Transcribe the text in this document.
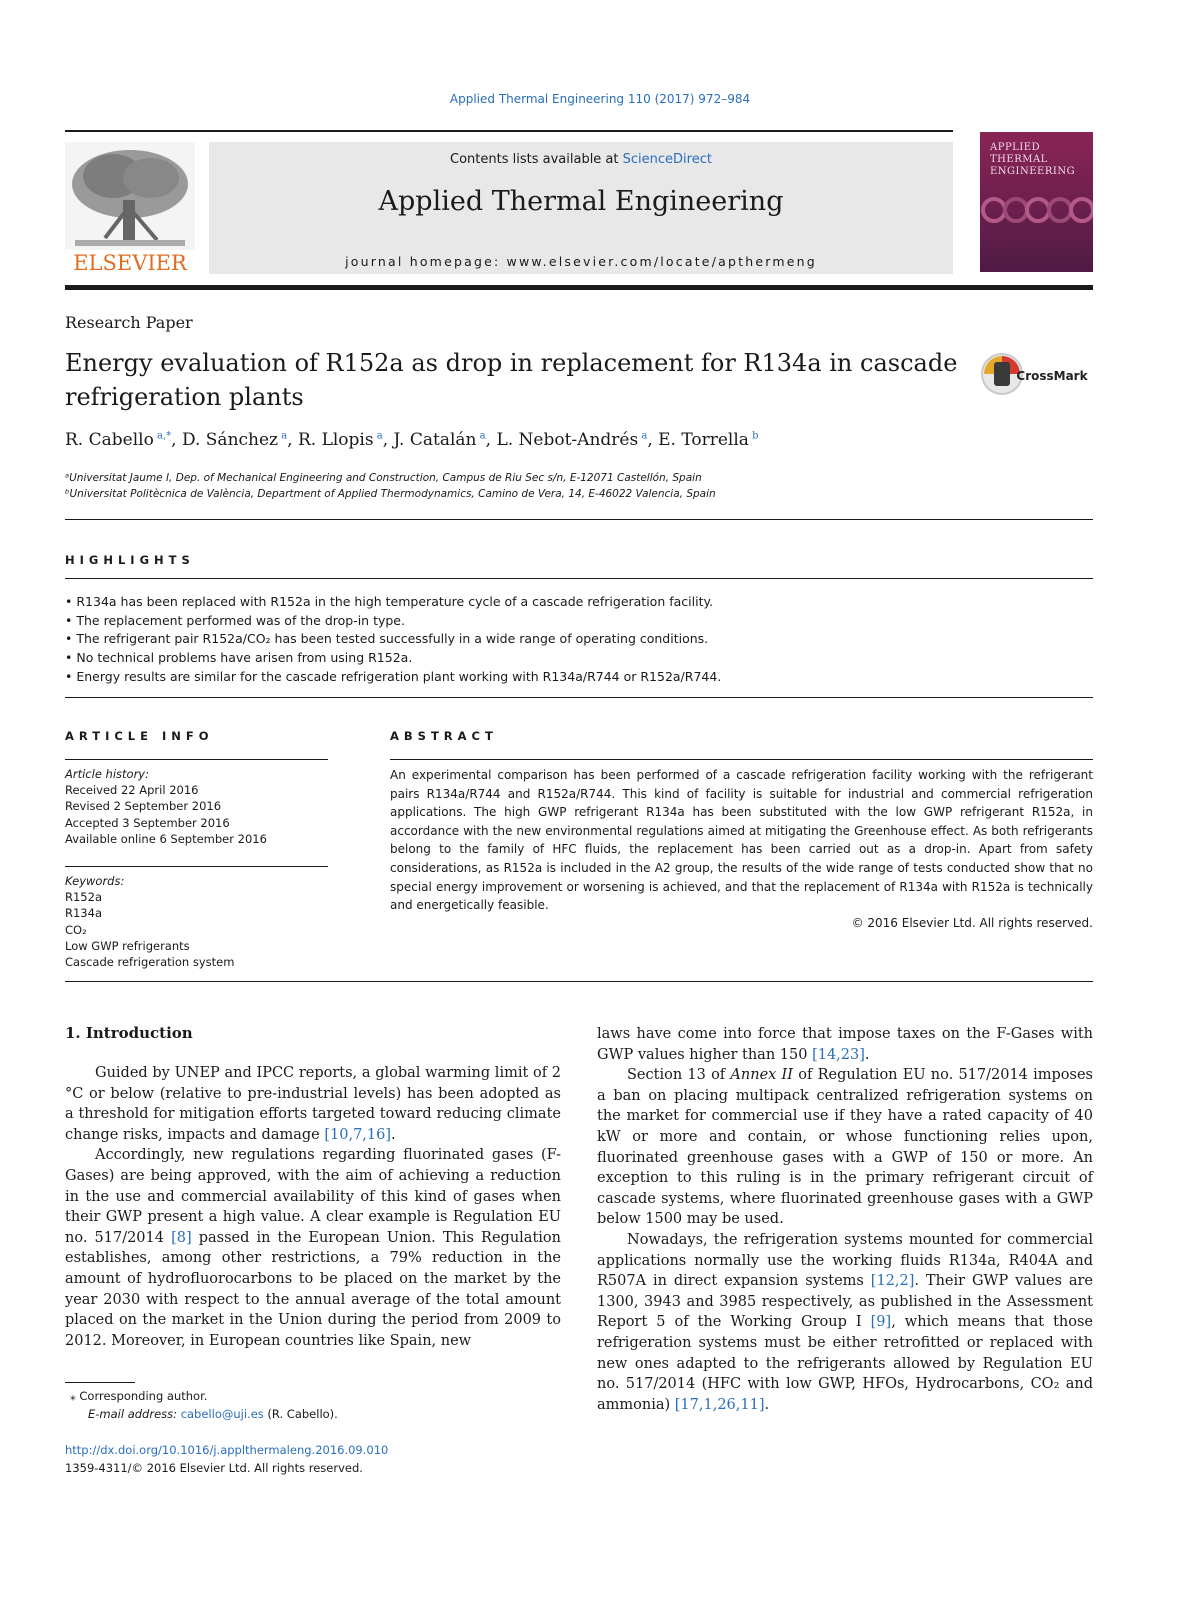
Applied Thermal Engineering 110 (2017) 972–984
ELSEVIER
Contents lists available at ScienceDirect
Applied Thermal Engineering
journal homepage: www.elsevier.com/locate/apthermeng
APPLIED THERMAL ENGINEERING
Research Paper
Energy evaluation of R152a as drop in replacement for R134a in cascade refrigeration plants
CrossMark
R. Cabello $^{a,*}$, D. Sánchez $^a$, R. Llopis $^a$, J. Catalán $^a$, L. Nebot-Andrés $^a$, E. Torrella $^b$
ᵃUniversitat Jaume I, Dep. of Mechanical Engineering and Construction, Campus de Riu Sec s/n, E-12071 Castellón, Spain
ᵇUniversitat Politècnica de València, Department of Applied Thermodynamics, Camino de Vera, 14, E-46022 Valencia, Spain
HIGHLIGHTS
• R134a has been replaced with R152a in the high temperature cycle of a cascade refrigeration facility.
• The replacement performed was of the drop-in type.
• The refrigerant pair R152a/CO₂ has been tested successfully in a wide range of operating conditions.
• No technical problems have arisen from using R152a.
• Energy results are similar for the cascade refrigeration plant working with R134a/R744 or R152a/R744.
ARTICLE INFO
Article history:
Received 22 April 2016
Revised 2 September 2016
Accepted 3 September 2016
Available online 6 September 2016
Keywords:
R152a
R134a
CO₂
Low GWP refrigerants
Cascade refrigeration system
ABSTRACT

An experimental comparison has been performed of a cascade refrigeration facility working with the refrigerant pairs R134a/R744 and R152a/R744. This kind of facility is suitable for industrial and commercial refrigeration applications. The high GWP refrigerant R134a has been substituted with the low GWP refrigerant R152a, in accordance with the new environmental regulations aimed at mitigating the Greenhouse effect. As both refrigerants belong to the family of HFC fluids, the replacement has been carried out as a drop-in. Apart from safety considerations, as R152a is included in the A2 group, the results of the wide range of tests conducted show that no special energy improvement or worsening is achieved, and that the replacement of R134a with R152a is technically and energetically feasible.

© 2016 Elsevier Ltd. All rights reserved.
1. Introduction

Guided by UNEP and IPCC reports, a global warming limit of 2 °C or below (relative to pre-industrial levels) has been adopted as a threshold for mitigation efforts targeted toward reducing climate change risks, impacts and damage [10,7,16].

Accordingly, new regulations regarding fluorinated gases (F-Gases) are being approved, with the aim of achieving a reduction in the use and commercial availability of this kind of gases when their GWP present a high value. A clear example is Regulation EU no. 517/2014 [8] passed in the European Union. This Regulation establishes, among other restrictions, a 79% reduction in the amount of hydrofluorocarbons to be placed on the market by the year 2030 with respect to the annual average of the total amount placed on the market in the Union during the period from 2009 to 2012. Moreover, in European countries like Spain, new

laws have come into force that impose taxes on the F-Gases with GWP values higher than 150 [14,23].

Section 13 of Annex II of Regulation EU no. 517/2014 imposes a ban on placing multipack centralized refrigeration systems on the market for commercial use if they have a rated capacity of 40 kW or more and contain, or whose functioning relies upon, fluorinated greenhouse gases with a GWP of 150 or more. An exception to this ruling is in the primary refrigerant circuit of cascade systems, where fluorinated greenhouse gases with a GWP below 1500 may be used.

Nowadays, the refrigeration systems mounted for commercial applications normally use the working fluids R134a, R404A and R507A in direct expansion systems [12,2]. Their GWP values are 1300, 3943 and 3985 respectively, as published in the Assessment Report 5 of the Working Group I [9], which means that those refrigeration systems must be either retrofitted or replaced with new ones adapted to the refrigerants allowed by Regulation EU no. 517/2014 (HFC with low GWP, HFOs, Hydrocarbons, CO₂ and ammonia) [17,1,26,11].

⁎ Corresponding author.
E-mail address: cabello@uji.es (R. Cabello).
http://dx.doi.org/10.1016/j.applthermaleng.2016.09.010
1359-4311/© 2016 Elsevier Ltd. All rights reserved.
